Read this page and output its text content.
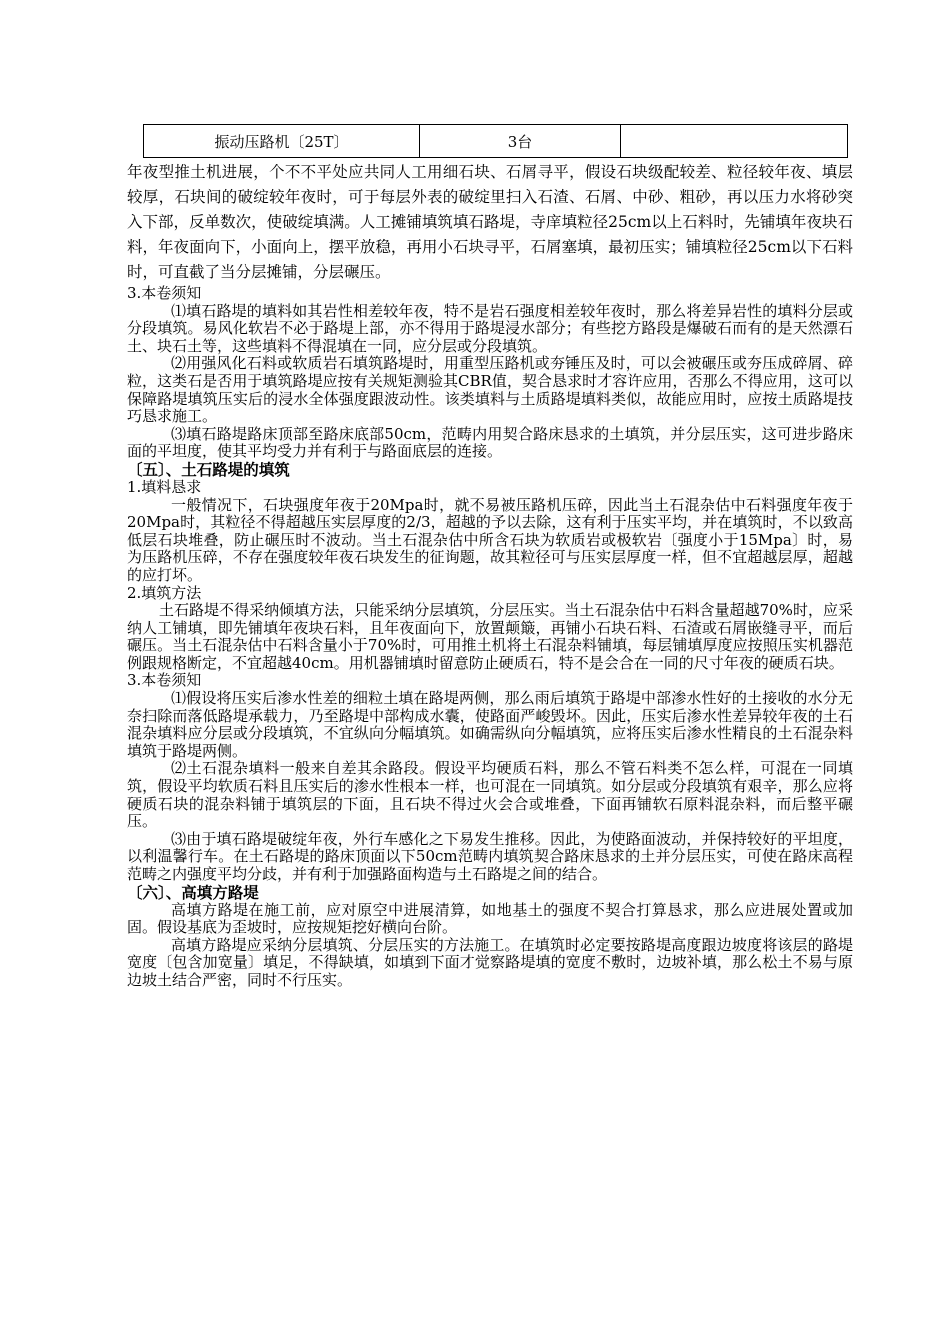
振动压路机〔25T〕	3台	

年夜型推土机进展，个不不平处应共同人工用细石块、石屑寻平，假设石块级配较差、粒径较年夜、填层较厚，石块间的破绽较年夜时，可于每层外表的破绽里扫入石渣、石屑、中砂、粗砂，再以压力水将砂突入下部，反单数次，使破绽填满。人工摊铺填筑填石路堤，寺庠填粒径25cm以上石料时，先铺填年夜块石料，年夜面向下，小面向上，摆平放稳，再用小石块寻平，石屑塞填，最初压实；铺填粒径25cm以下石料时，可直截了当分层摊铺，分层碾压。

3.本卷须知

⑴填石路堤的填料如其岩性相差较年夜，特不是岩石强度相差较年夜时，那么将差异岩性的填料分层或分段填筑。易风化软岩不必于路堤上部，亦不得用于路堤浸水部分；有些挖方路段是爆破石而有的是天然漂石土、块石土等，这些填料不得混填在一同，应分层或分段填筑。

⑵用强风化石料或软质岩石填筑路堤时，用重型压路机或夯锤压及时，可以会被碾压或夯压成碎屑、碎粒，这类石是否用于填筑路堤应按有关规矩测验其CBR值，契合恳求时才容许应用，否那么不得应用，这可以保障路堤填筑压实后的浸水全体强度跟波动性。该类填料与土质路堤填料类似，故能应用时，应按土质路堤技巧恳求施工。

⑶填石路堤路床顶部至路床底部50cm，范畴内用契合路床恳求的土填筑，并分层压实，这可进步路床面的平坦度，使其平均受力并有利于与路面底层的连接。

〔五〕、土石路堤的填筑

1.填料恳求

一般情况下，石块强度年夜于20Mpa时，就不易被压路机压碎，因此当土石混杂估中石料强度年夜于20Mpa时，其粒径不得超越压实层厚度的2/3，超越的予以去除，这有利于压实平均，并在填筑时，不以致高低层石块堆叠，防止碾压时不波动。当土石混杂估中所含石块为软质岩或极软岩〔强度小于15Mpa〕时，易为压路机压碎，不存在强度较年夜石块发生的征询题，故其粒径可与压实层厚度一样，但不宜超越层厚，超越的应打坏。

2.填筑方法

土石路堤不得采纳倾填方法，只能采纳分层填筑，分层压实。当土石混杂估中石料含量超越70%时，应采纳人工铺填，即先铺填年夜块石料，且年夜面向下，放置颠簸，再铺小石块石料、石渣或石屑嵌缝寻平，而后碾压。当土石混杂估中石料含量小于70%时，可用推土机将土石混杂料铺填，每层铺填厚度应按照压实机器范例跟规格断定，不宜超越40cm。用机器铺填时留意防止硬质石，特不是会合在一同的尺寸年夜的硬质石块。

3.本卷须知

⑴假设将压实后渗水性差的细粒土填在路堤两侧，那么雨后填筑于路堤中部渗水性好的土接收的水分无奈扫除而落低路堤承载力，乃至路堤中部构成水囊，使路面严峻毁坏。因此，压实后渗水性差异较年夜的土石混杂填料应分层或分段填筑，不宜纵向分幅填筑。如确需纵向分幅填筑，应将压实后渗水性精良的土石混杂料填筑于路堤两侧。

⑵土石混杂填料一般来自差其余路段。假设平均硬质石料，那么不管石料类不怎么样，可混在一同填筑，假设平均软质石料且压实后的渗水性根本一样，也可混在一同填筑。如分层或分段填筑有艰辛，那么应将硬质石块的混杂料铺于填筑层的下面，且石块不得过火会合或堆叠，下面再铺软石原料混杂料，而后整平碾压。

⑶由于填石路堤破绽年夜，外行车感化之下易发生推移。因此，为使路面波动，并保持较好的平坦度，以利温馨行车。在土石路堤的路床顶面以下50cm范畴内填筑契合路床恳求的土并分层压实，可使在路床高程范畴之内强度平均分歧，并有利于加强路面构造与土石路堤之间的结合。

〔六〕、高填方路堤

高填方路堤在施工前，应对原空中进展清算，如地基土的强度不契合打算恳求，那么应进展处置或加固。假设基底为歪坡时，应按规矩挖好横向台阶。

高填方路堤应采纳分层填筑、分层压实的方法施工。在填筑时必定要按路堤高度跟边坡度将该层的路堤宽度〔包含加宽量〕填足，不得缺填，如填到下面才觉察路堤填的宽度不敷时，边坡补填，那么松土不易与原边坡土结合严密，同时不行压实。
